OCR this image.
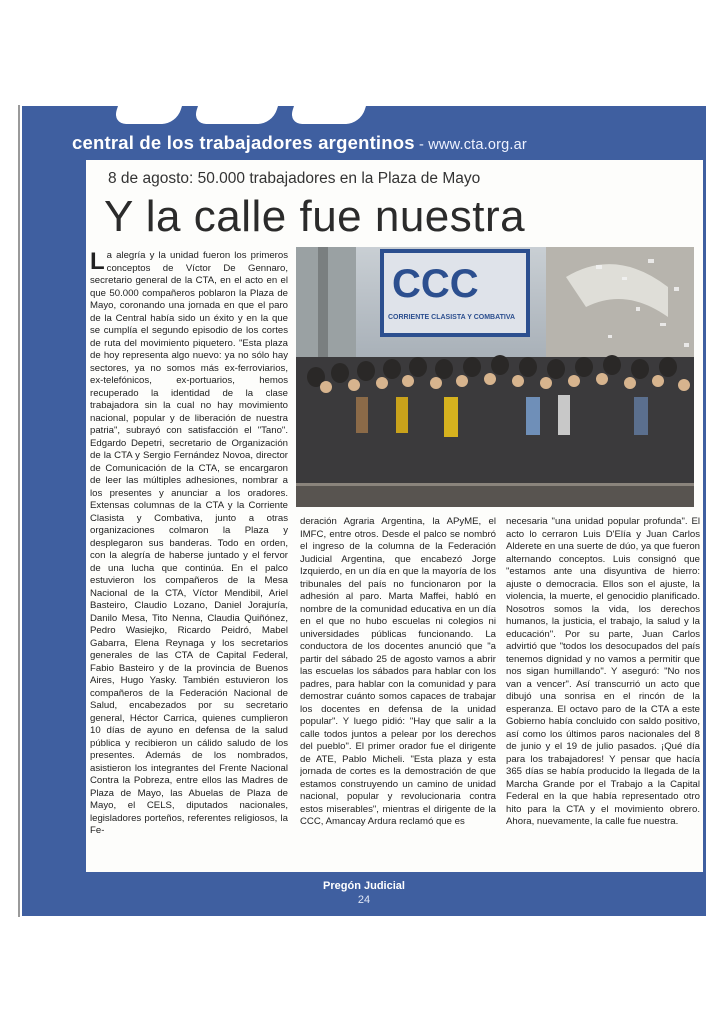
central de los trabajadores argentinos - www.cta.org.ar
8 de agosto: 50.000 trabajadores en la Plaza de Mayo
Y la calle fue nuestra

La alegría y la unidad fueron los primeros conceptos de Víctor De Gennaro, secretario general de la CTA, en el acto en el que 50.000 compañeros poblaron la Plaza de Mayo, coronando una jornada en que el paro de la Central había sido un éxito y en la que se cumplía el segundo episodio de los cortes de ruta del movimiento piquetero. "Esta plaza de hoy representa algo nuevo: ya no sólo hay sectores, ya no somos más ex-ferroviarios, ex-telefónicos, ex-portuarios, hemos recuperado la identidad de la clase trabajadora sin la cual no hay movimiento nacional, popular y de liberación de nuestra patria", subrayó con satisfacción el "Tano". Edgardo Depetri, secretario de Organización de la CTA y Sergio Fernández Novoa, director de Comunicación de la CTA, se encargaron de leer las múltiples adhesiones, nombrar a los presentes y anunciar a los oradores. Extensas columnas de la CTA y la Corriente Clasista y Combativa, junto a otras organizaciones colmaron la Plaza y desplegaron sus banderas. Todo en orden, con la alegría de haberse juntado y el fervor de una lucha que continúa. En el palco estuvieron los compañeros de la Mesa Nacional de la CTA, Víctor Mendibil, Ariel Basteiro, Claudio Lozano, Daniel Jorajuría, Danilo Mesa, Tito Nenna, Claudia Quiñónez, Pedro Wasiejko, Ricardo Peidró, Mabel Gabarra, Elena Reynaga y los secretarios generales de las CTA de Capital Federal, Fabio Basteiro y de la provincia de Buenos Aires, Hugo Yasky. También estuvieron los compañeros de la Federación Nacional de Salud, encabezados por su secretario general, Héctor Carrica, quienes cumplieron 10 días de ayuno en defensa de la salud pública y recibieron un cálido saludo de los presentes. Además de los nombrados, asistieron los integrantes del Frente Nacional Contra la Pobreza, entre ellos las Madres de Plaza de Mayo, las Abuelas de Plaza de Mayo, el CELS, diputados nacionales, legisladores porteños, referentes religiosos, la Fe-

CCC
CORRIENTE CLASISTA Y COMBATIVA

deración Agraria Argentina, la APyME, el IMFC, entre otros. Desde el palco se nombró el ingreso de la columna de la Federación Judicial Argentina, que encabezó Jorge Izquierdo, en un día en que la mayoría de los tribunales del país no funcionaron por la adhesión al paro. Marta Maffei, habló en nombre de la comunidad educativa en un día en el que no hubo escuelas ni colegios ni universidades públicas funcionando. La conductora de los docentes anunció que "a partir del sábado 25 de agosto vamos a abrir las escuelas los sábados para hablar con los padres, para hablar con la comunidad y para demostrar cuánto somos capaces de trabajar los docentes en defensa de la unidad popular". Y luego pidió: "Hay que salir a la calle todos juntos a pelear por los derechos del pueblo". El primer orador fue el dirigente de ATE, Pablo Micheli. "Esta plaza y esta jornada de cortes es la demostración de que estamos construyendo un camino de unidad nacional, popular y revolucionaria contra estos miserables", mientras el dirigente de la CCC, Amancay Ardura reclamó que es

necesaria "una unidad popular profunda". El acto lo cerraron Luis D'Elía y Juan Carlos Alderete en una suerte de dúo, ya que fueron alternando conceptos. Luis consignó que "estamos ante una disyuntiva de hierro: ajuste o democracia. Ellos son el ajuste, la violencia, la muerte, el genocidio planificado. Nosotros somos la vida, los derechos humanos, la justicia, el trabajo, la salud y la educación". Por su parte, Juan Carlos advirtió que "todos los desocupados del país tenemos dignidad y no vamos a permitir que nos sigan humillando". Y aseguró: "No nos van a vencer". Así transcurrió un acto que dibujó una sonrisa en el rincón de la esperanza. El octavo paro de la CTA a este Gobierno había concluido con saldo positivo, así como los últimos paros nacionales del 8 de junio y el 19 de julio pasados. ¡Qué día para los trabajadores! Y pensar que hacía 365 días se había producido la llegada de la Marcha Grande por el Trabajo a la Capital Federal en la que había representado otro hito para la CTA y el movimiento obrero. Ahora, nuevamente, la calle fue nuestra.

Pregón Judicial
24
